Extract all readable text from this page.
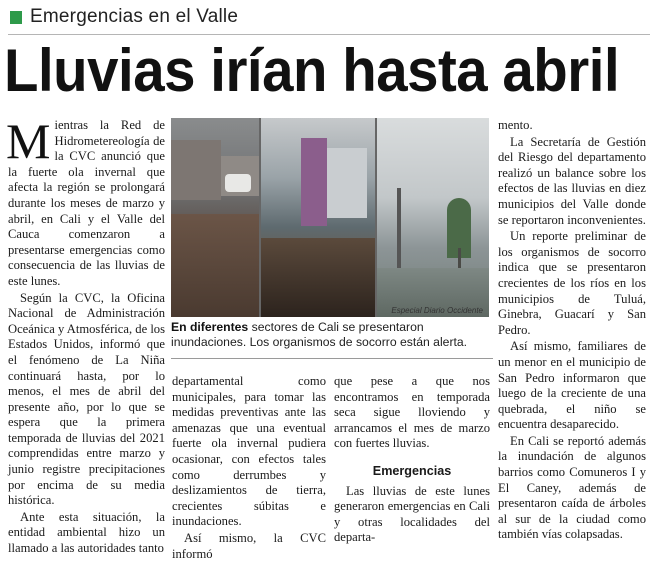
Emergencias en el Valle
Lluvias irían hasta abril

Mientras la Red de Hidrometereología de la CVC anunció que la fuerte ola invernal que afecta la región se prolongará durante los meses de marzo y abril, en Cali y el Valle del Cauca comenzaron a presentarse emergencias como consecuencia de las lluvias de este lunes.

Según la CVC, la Oficina Nacional de Administración Oceánica y Atmosférica, de los Estados Unidos, informó que el fenómeno de La Niña continuará hasta, por lo menos, el mes de abril del presente año, por lo que se espera que la primera temporada de lluvias del 2021 comprendidas entre marzo y junio registre precipitaciones por encima de su media histórica.

Ante esta situación, la entidad ambiental hizo un llamado a las autoridades tanto

Especial Diario Occidente
En diferentes sectores de Cali se presentaron inundaciones. Los organismos de socorro están alerta.

departamental como municipales, para tomar las medidas preventivas ante las amenazas que una eventual fuerte ola invernal pudiera ocasionar, con efectos tales como derrumbes y deslizamientos de tierra, crecientes súbitas e inundaciones.

Así mismo, la CVC informó

que pese a que nos encontramos en temporada seca sigue lloviendo y arrancamos el mes de marzo con fuertes lluvias.

Emergencias

Las lluvias de este lunes generaron emergencias en Cali y otras localidades del departa-

mento.

La Secretaría de Gestión del Riesgo del departamento realizó un balance sobre los efectos de las lluvias en diez municipios del Valle donde se reportaron inconvenientes.

Un reporte preliminar de los organismos de socorro indica que se presentaron crecientes de los ríos en los municipios de Tuluá, Ginebra, Guacarí y San Pedro.

Así mismo, familiares de un menor en el municipio de San Pedro informaron que luego de la creciente de una quebrada, el niño se encuentra desaparecido.

En Cali se reportó además la inundación de algunos barrios como Comuneros I y El Caney, además de presentaron caída de árboles al sur de la ciudad como también vías colapsadas.
